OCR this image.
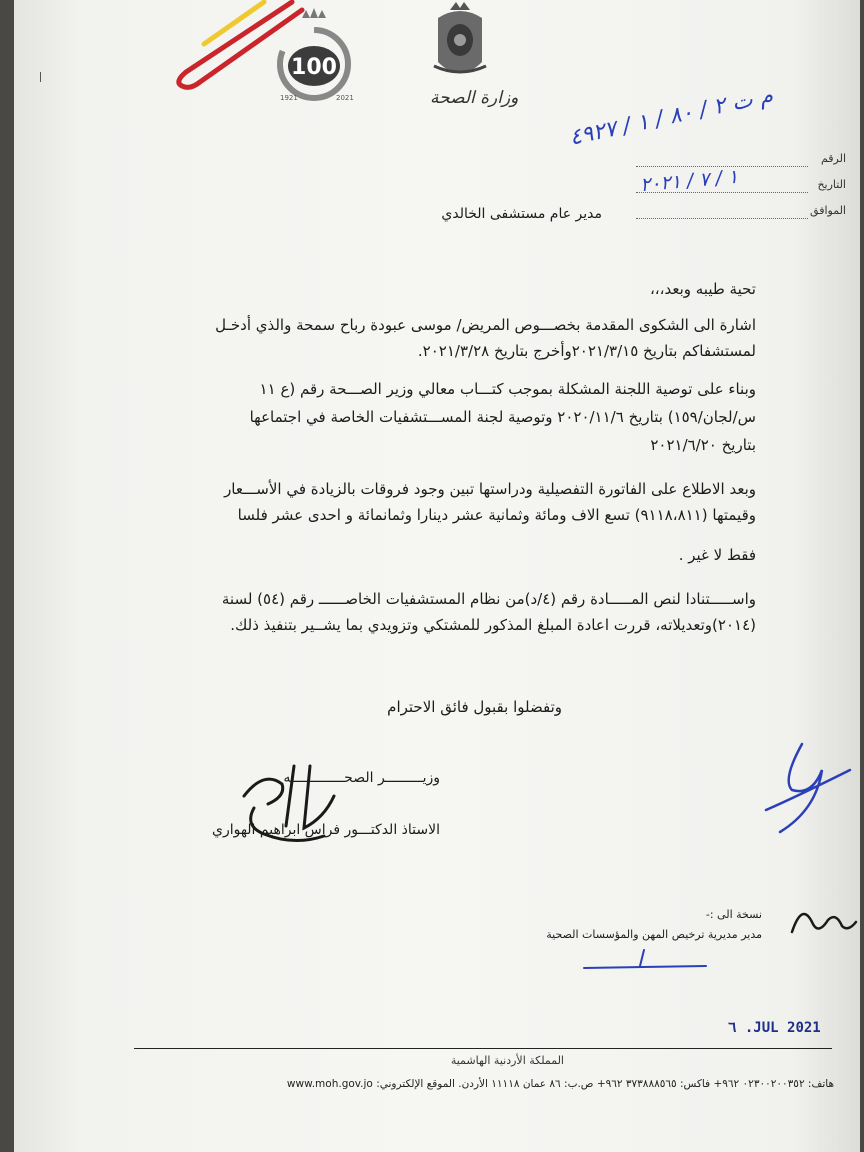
100
1921	2021	وزارة الصحة
الرقم
التاريخ
الموافق
م ت ٢ / ٨٠ / ١ / ٤٩٢٧
١ / ٧ / ٢٠٢١
مدير عام مستشفى الخالدي
تحية طيبه وبعد،،،
اشارة الى الشكوى المقدمة بخصـــوص المريض/ موسى عبودة رباح سمحة والذي أدخـل
لمستشفاكم بتاريخ ٢٠٢١/٣/١٥وأخرج بتاريخ ٢٠٢١/٣/٢٨.
وبناء على توصية اللجنة المشكلة بموجب كتـــاب معالي وزير الصـــحة رقم (ع ١١
س/لجان/١٥٩) بتاريخ ٢٠٢٠/١١/٦ وتوصية لجنة المســـتشفيات الخاصة في اجتماعها
بتاريخ ٢٠٢١/٦/٢٠
وبعد الاطلاع على الفاتورة التفصيلية ودراستها تبين وجود فروقات بالزيادة في الأســـعار
وقيمتها (٩١١٨،٨١١) تسع الاف ومائة وثمانية عشر دينارا وثمانمائة و احدى عشر فلسا
فقط لا غير .
واســـــتنادا لنص المـــــادة رقم (٤/د)من نظام المستشفيات الخاصــــــ رقم (٥٤) لسنة
(٢٠١٤)وتعديلاته، قررت اعادة المبلغ المذكور للمشتكي وتزويدي بما يشــير بتنفيذ ذلك.
وتفضلوا بقبول فائق الاحترام
وزيـــــــــر الصحـــــــــــــه
الاستاذ الدكتـــور فراس ابراهيم الهواري
نسخة الى :-
مدير مديرية ترخيص المهن والمؤسسات الصحية
٦ .JUL 2021
المملكة الأردنية الهاشمية
هاتف: ٠٢٣٠٠٢٠٠٣٥٢ ٩٦٢+ فاكس: ٣٧٣٨٨٨٥٦٥ ٩٦٢+ ص.ب: ٨٦ عمان ١١١١٨ الأردن. الموقع الإلكتروني: www.moh.gov.jo
